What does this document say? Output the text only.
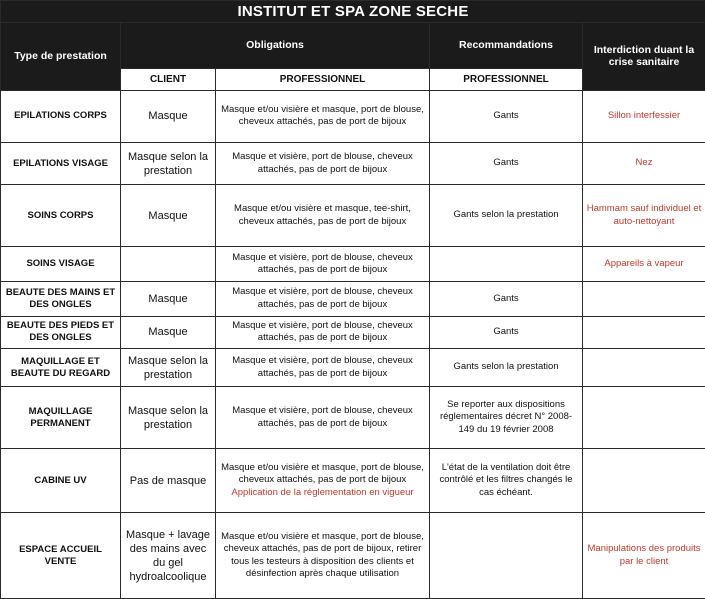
INSTITUT ET SPA ZONE SECHE				
Type de prestation	Obligations		Recommandations	Interdiction duant la crise sanitaire
	CLIENT	PROFESSIONNEL	PROFESSIONNEL	
EPILATIONS CORPS	Masque	Masque et/ou visière et masque, port de blouse, cheveux attachés, pas de port de bijoux	Gants	Sillon interfessier
EPILATIONS VISAGE	Masque selon la prestation	Masque et visière, port de blouse, cheveux attachés, pas de port de bijoux	Gants	Nez
SOINS CORPS	Masque	Masque et/ou visière et masque, tee-shirt, cheveux attachés, pas de port de bijoux	Gants selon la prestation	Hammam sauf individuel et auto-nettoyant
SOINS VISAGE		Masque et visière, port de blouse, cheveux attachés, pas de port de bijoux		Appareils à vapeur
BEAUTE DES MAINS ET DES ONGLES	Masque	Masque et visière, port de blouse, cheveux attachés, pas de port de bijoux	Gants	
BEAUTE DES PIEDS ET DES ONGLES	Masque	Masque et visière, port de blouse, cheveux attachés, pas de port de bijoux	Gants	
MAQUILLAGE ET BEAUTE DU REGARD	Masque selon la prestation	Masque et visière, port de blouse, cheveux attachés, pas de port de bijoux	Gants selon la prestation	
MAQUILLAGE PERMANENT	Masque selon la prestation	Masque et visière, port de blouse, cheveux attachés, pas de port de bijoux	Se reporter aux dispositions réglementaires décret N° 2008-149 du 19 février 2008	
CABINE UV	Pas de masque	Masque et/ou visière et masque, port de blouse, cheveux attachés, pas de port de bijoux Application de la réglementation en vigueur	L'état de la ventilation doit être contrôlé et les filtres changés le cas échéant.	
ESPACE ACCUEIL VENTE	Masque + lavage des mains avec du gel hydroalcoolique	Masque et/ou visière et masque, port de blouse, cheveux attachés, pas de port de bijoux, retirer tous les testeurs à disposition des clients et désinfection après chaque utilisation		Manipulations des produits par le client
